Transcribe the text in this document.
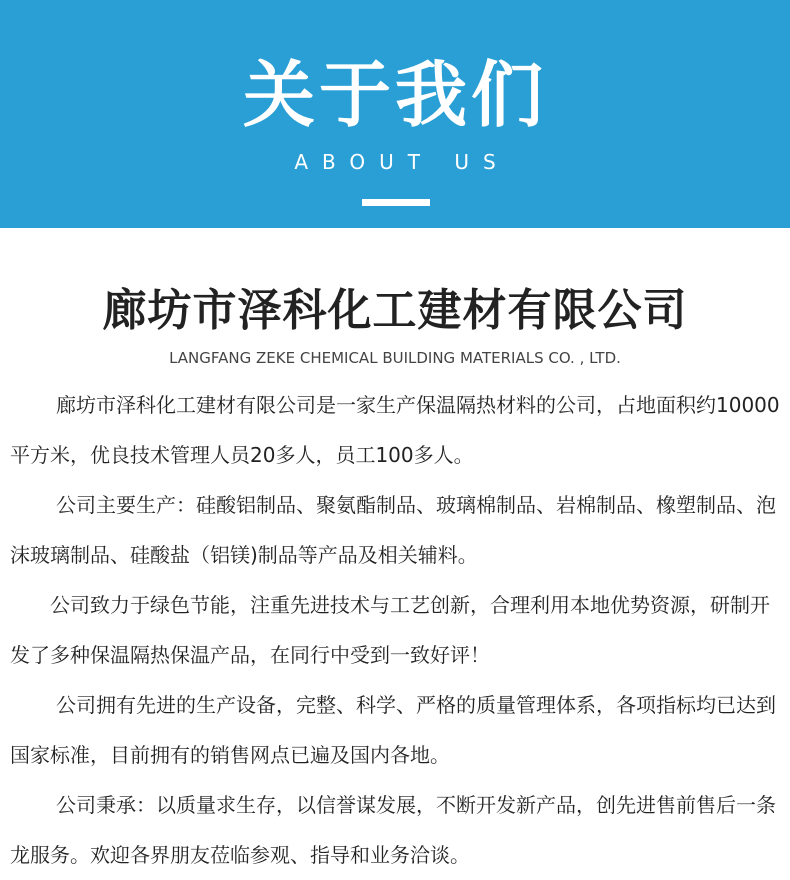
关于我们
ABOUT US
廊坊市泽科化工建材有限公司
LANGFANG ZEKE CHEMICAL BUILDING MATERIALS CO. , LTD.

廊坊市泽科化工建材有限公司是一家生产保温隔热材料的公司，占地面积约10000平方米，优良技术管理人员20多人，员工100多人。

公司主要生产：硅酸铝制品、聚氨酯制品、玻璃棉制品、岩棉制品、橡塑制品、泡沫玻璃制品、硅酸盐（铝镁)制品等产品及相关辅料。

公司致力于绿色节能，注重先进技术与工艺创新，合理利用本地优势资源，研制开发了多种保温隔热保温产品，在同行中受到一致好评！

公司拥有先进的生产设备，完整、科学、严格的质量管理体系，各项指标均已达到国家标准，目前拥有的销售网点已遍及国内各地。

公司秉承：以质量求生存，以信誉谋发展，不断开发新产品，创先进售前售后一条龙服务。欢迎各界朋友莅临参观、指导和业务洽谈。
